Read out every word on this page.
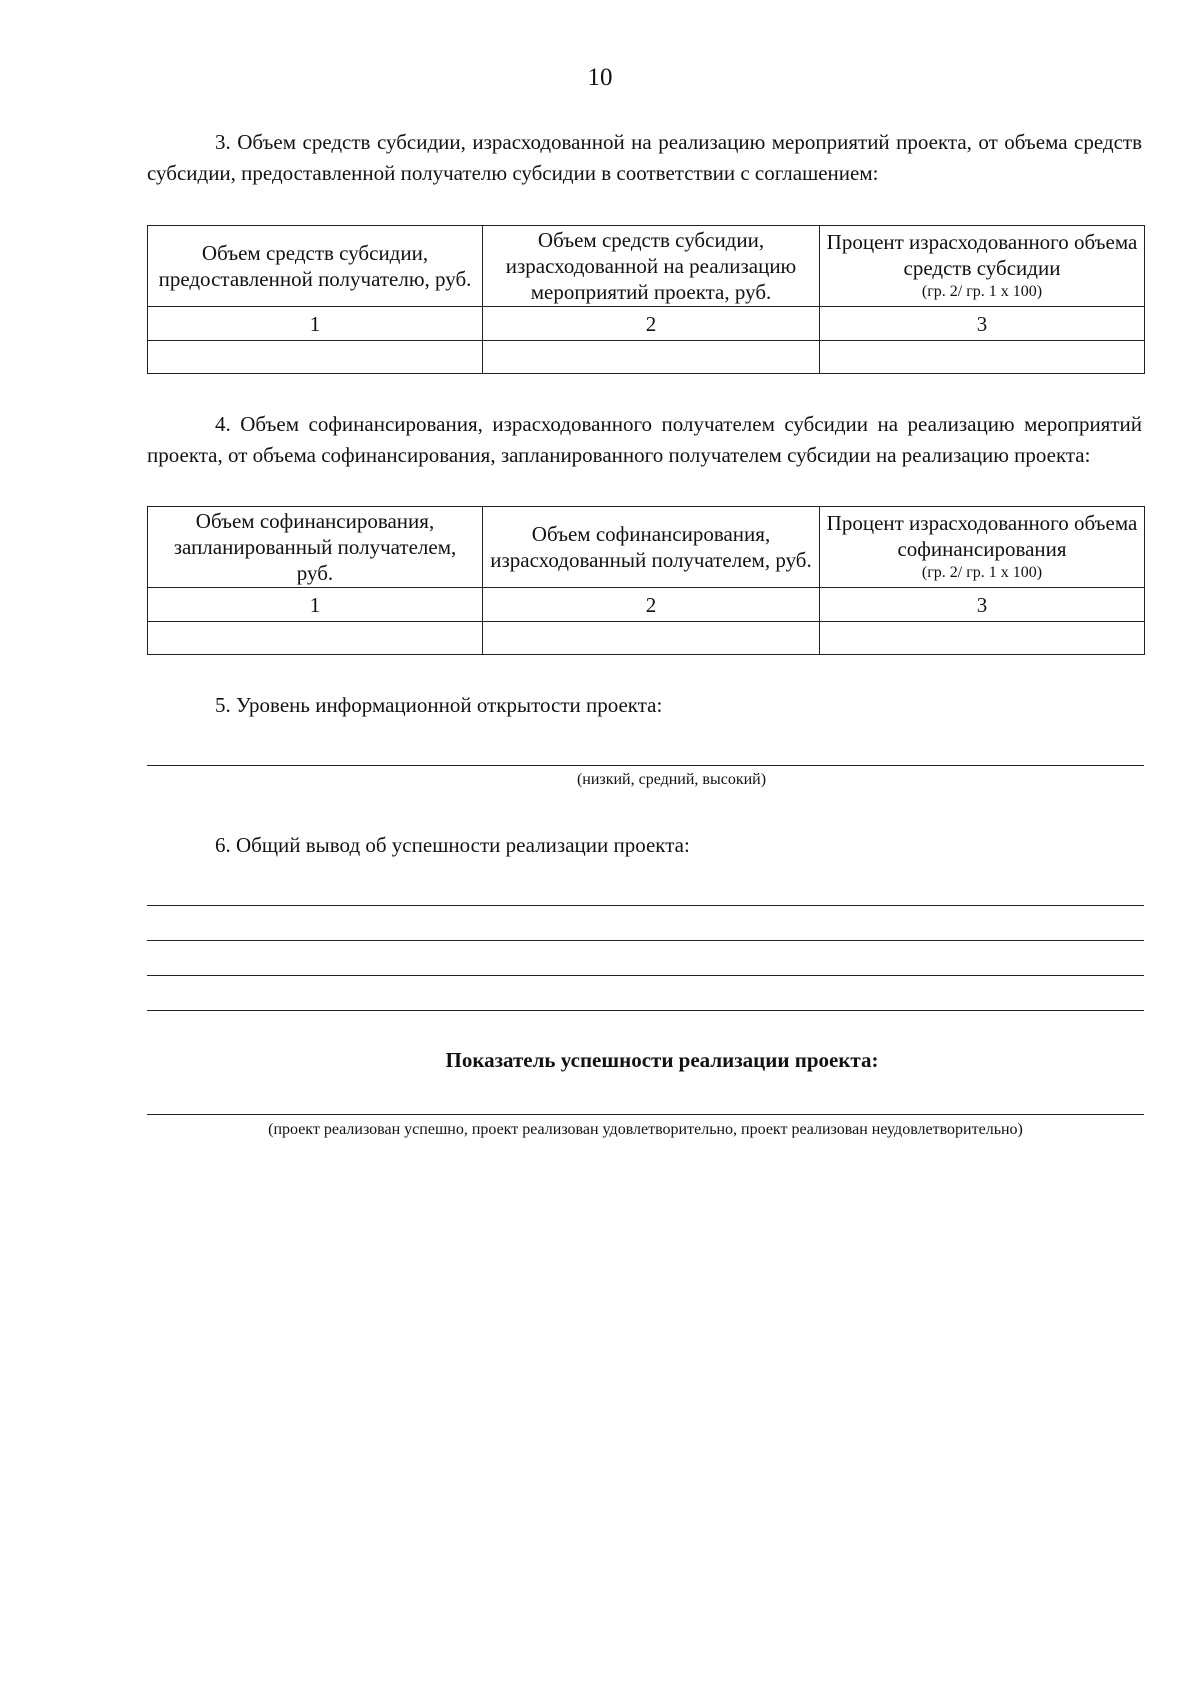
10

3. Объем средств субсидии, израсходованной на реализацию мероприятий проекта, от объема средств субсидии, предоставленной получателю субсидии в соответствии с соглашением:

Объем средств субсидии, предоставленной получателю, руб.	Объем средств субсидии, израсходованной на реализацию мероприятий проекта, руб.	Процент израсходованного объема средств субсидии
(гр. 2/ гр. 1 х 100)

1	2	3

4. Объем софинансирования, израсходованного получателем субсидии на реализацию мероприятий проекта, от объема софинансирования, запланированного получателем субсидии на реализацию проекта:

Объем софинансирования, запланированный получателем, руб.	Объем софинансирования, израсходованный получателем, руб.	Процент израсходованного объема софинансирования
(гр. 2/ гр. 1 х 100)

1	2	3

5. Уровень информационной открытости проекта:

(низкий, средний, высокий)

6. Общий вывод об успешности реализации проекта:

Показатель успешности реализации проекта:
(проект реализован успешно, проект реализован удовлетворительно, проект реализован неудовлетворительно)
